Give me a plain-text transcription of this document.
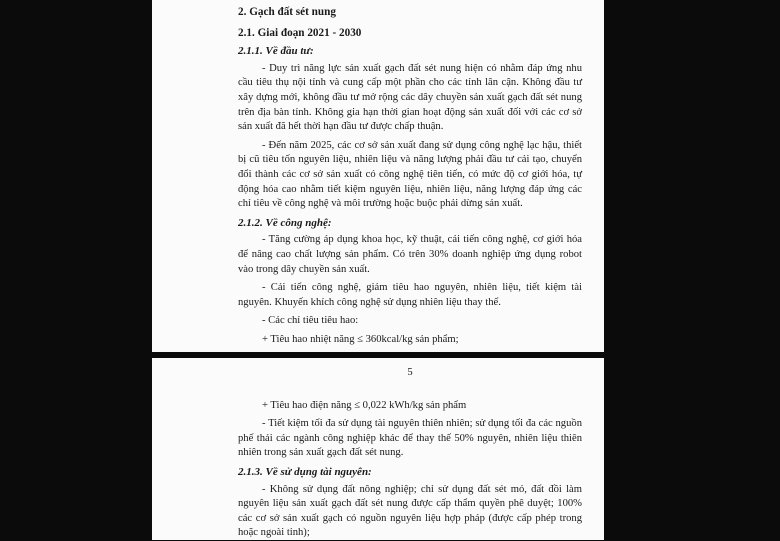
2. Gạch đất sét nung

2.1. Giai đoạn 2021 - 2030

2.1.1. Về đầu tư:

- Duy trì năng lực sản xuất gạch đất sét nung hiện có nhằm đáp ứng nhu cầu tiêu thụ nội tỉnh và cung cấp một phần cho các tỉnh lân cận. Không đầu tư xây dựng mới, không đầu tư mở rộng các dây chuyền sản xuất gạch đất sét nung trên địa bàn tỉnh. Không gia hạn thời gian hoạt động sản xuất đối với các cơ sở sản xuất đã hết thời hạn đầu tư được chấp thuận.

- Đến năm 2025, các cơ sở sản xuất đang sử dụng công nghệ lạc hậu, thiết bị cũ tiêu tốn nguyên liệu, nhiên liệu và năng lượng phải đầu tư cải tạo, chuyển đổi thành các cơ sở sản xuất có công nghệ tiên tiến, có mức độ cơ giới hóa, tự động hóa cao nhằm tiết kiệm nguyên liệu, nhiên liệu, năng lượng đáp ứng các chỉ tiêu về công nghệ và môi trường hoặc buộc phải dừng sản xuất.

2.1.2. Về công nghệ:

- Tăng cường áp dụng khoa học, kỹ thuật, cải tiến công nghệ, cơ giới hóa để nâng cao chất lượng sản phẩm. Có trên 30% doanh nghiệp ứng dụng robot vào trong dây chuyền sản xuất.

- Cải tiến công nghệ, giảm tiêu hao nguyên, nhiên liệu, tiết kiệm tài nguyên. Khuyến khích công nghệ sử dụng nhiên liệu thay thế.

- Các chỉ tiêu tiêu hao:

+ Tiêu hao nhiệt năng ≤ 360kcal/kg sản phẩm;

5

+ Tiêu hao điện năng ≤ 0,022 kWh/kg sản phẩm

- Tiết kiệm tối đa sử dụng tài nguyên thiên nhiên; sử dụng tối đa các nguồn phế thải các ngành công nghiệp khác để thay thế 50% nguyên, nhiên liệu thiên nhiên trong sản xuất gạch đất sét nung.

2.1.3. Về sử dụng tài nguyên:

- Không sử dụng đất nông nghiệp; chỉ sử dụng đất sét mỏ, đất đồi làm nguyên liệu sản xuất gạch đất sét nung được cấp thẩm quyền phê duyệt; 100% các cơ sở sản xuất gạch có nguồn nguyên liệu hợp pháp (được cấp phép trong hoặc ngoài tỉnh);
